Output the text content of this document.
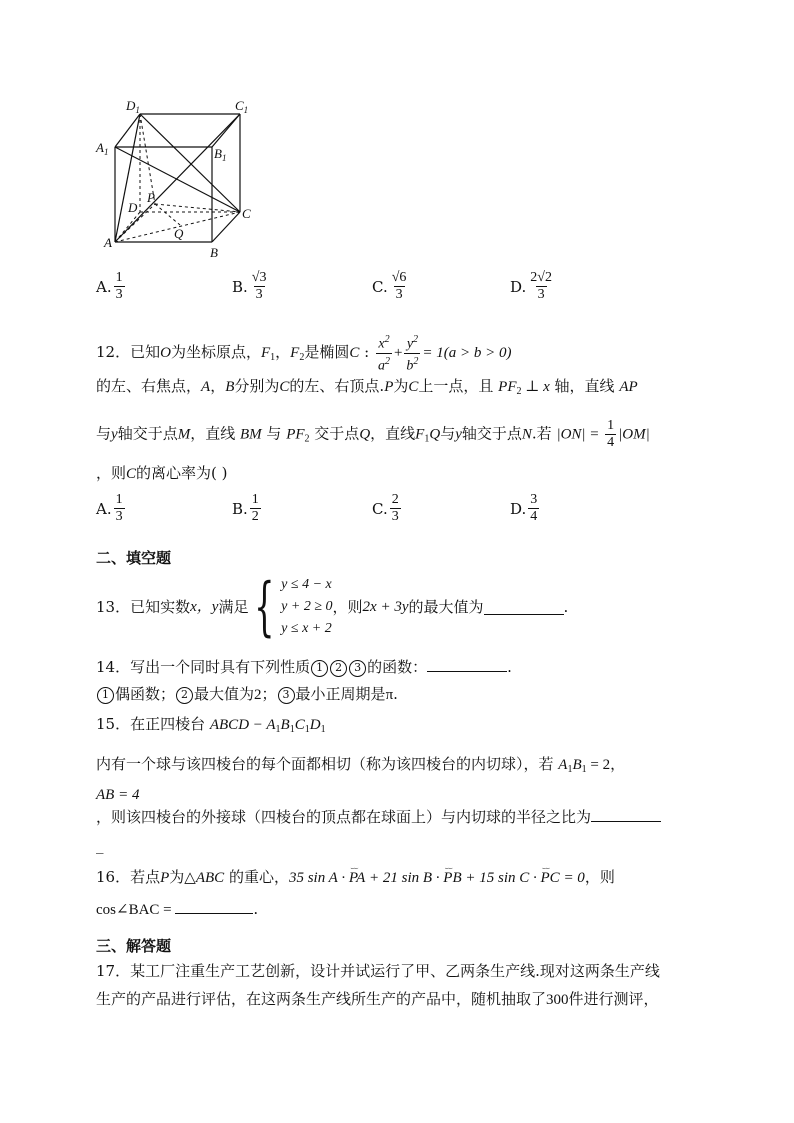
$D_1$	$C_1$
$A_1$	$B_1$
D
P
C
Q
A
B
A. $\frac{1}{3}$	B. $\frac{√3}{3}$	C. $\frac{√6}{3}$	D. $\frac{2√2}{3}$
12．已知O为坐标原点，$F_1$，$F_2$是椭圆C : $\frac{x^2}{a^2} + \frac{y^2}{b^2} = 1(a > b > 0)$
的左、右焦点，A，B分别为C的左、右顶点.P为C上一点，且 $PF_2$ ⊥ x 轴，直线 AP
与y轴交于点M，直线 BM 与 $PF_2$ 交于点Q，直线$F_1Q$与y轴交于点N.若 $|ON| = \frac{1}{4} |OM|$
，则C的离心率为( )
A. $\frac{1}{3}$	B. $\frac{1}{2}$	C. $\frac{2}{3}$	D. $\frac{3}{4}$
二、填空题
13． 已知实数 x，y 满足 { y ≤ 4 − x
y + 2 ≥ 0
y ≤ x + 2
，则 2x + 3y 的最大值为	.
14．写出一个同时具有下列性质 1 2 3 的函数：	.
1 偶函数； 2 最大值为2； 3 最小正周期是π.
15．在正四棱台 ABCD − $A_1B_1C_1D_1$
内有一个球与该四棱台的每个面都相切（称为该四棱台的内切球），若 $A_1B_1 = 2$，
AB = 4
，则该四棱台的外接球（四棱台的顶点都在球面上）与内切球的半径之比为
_
16．若点P为△ABC 的重心，35 sin A · ⌣⌣ PA + 21 sin B · ⌣⌣ PB + 15 sin C · ⌣⌣ PC = 0，则
cos∠BAC =	.
三、解答题
17．某工厂注重生产工艺创新，设计并试运行了甲、乙两条生产线.现对这两条生产线
生产的产品进行评估，在这两条生产线所生产的产品中，随机抽取了300件进行测评，
